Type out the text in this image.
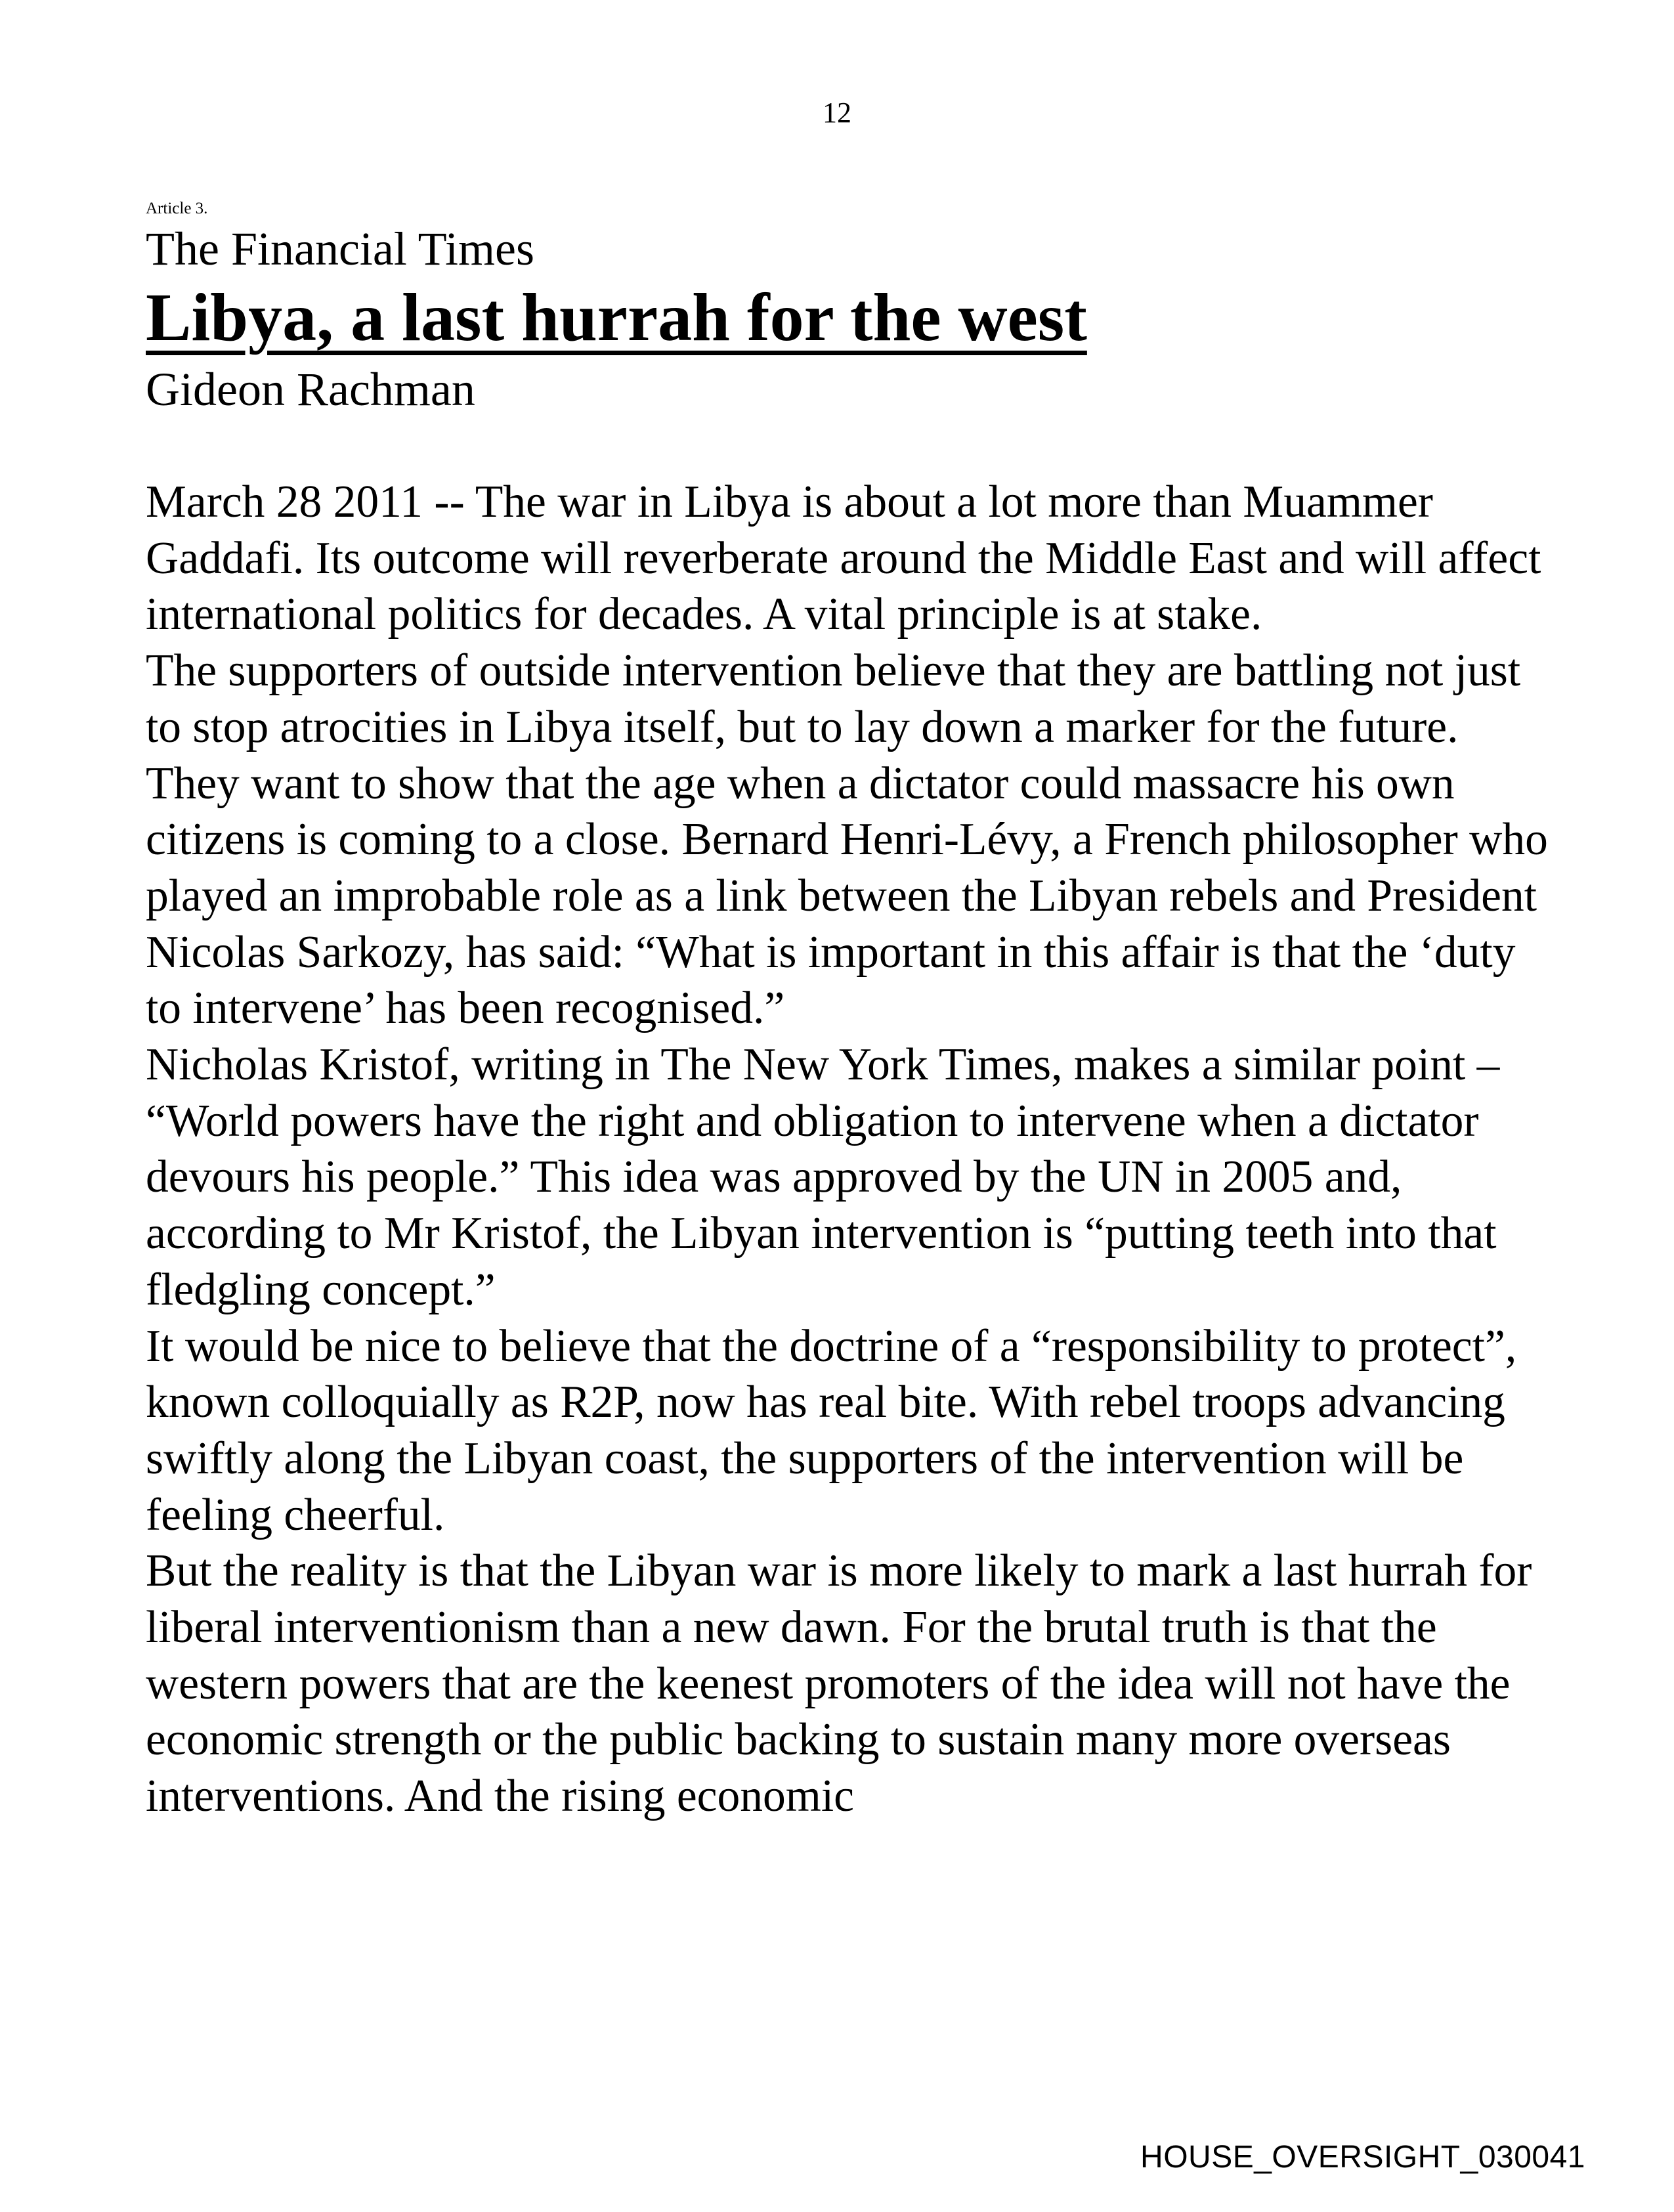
12

Article 3.

The Financial Times

Libya, a last hurrah for the west

Gideon Rachman

March 28 2011 -- The war in Libya is about a lot more than Muammer Gaddafi. Its outcome will reverberate around the Middle East and will affect international politics for decades. A vital principle is at stake.

The supporters of outside intervention believe that they are battling not just to stop atrocities in Libya itself, but to lay down a marker for the future. They want to show that the age when a dictator could massacre his own citizens is coming to a close. Bernard Henri-Lévy, a French philosopher who played an improbable role as a link between the Libyan rebels and President Nicolas Sarkozy, has said: “What is important in this affair is that the ‘duty to intervene’ has been recognised.”

Nicholas Kristof, writing in The New York Times, makes a similar point – “World powers have the right and obligation to intervene when a dictator devours his people.” This idea was approved by the UN in 2005 and, according to Mr Kristof, the Libyan intervention is “putting teeth into that fledgling concept.”

It would be nice to believe that the doctrine of a “responsibility to protect”, known colloquially as R2P, now has real bite. With rebel troops advancing swiftly along the Libyan coast, the supporters of the intervention will be feeling cheerful.

But the reality is that the Libyan war is more likely to mark a last hurrah for liberal interventionism than a new dawn. For the brutal truth is that the western powers that are the keenest promoters of the idea will not have the economic strength or the public backing to sustain many more overseas interventions. And the rising economic

HOUSE_OVERSIGHT_030041
